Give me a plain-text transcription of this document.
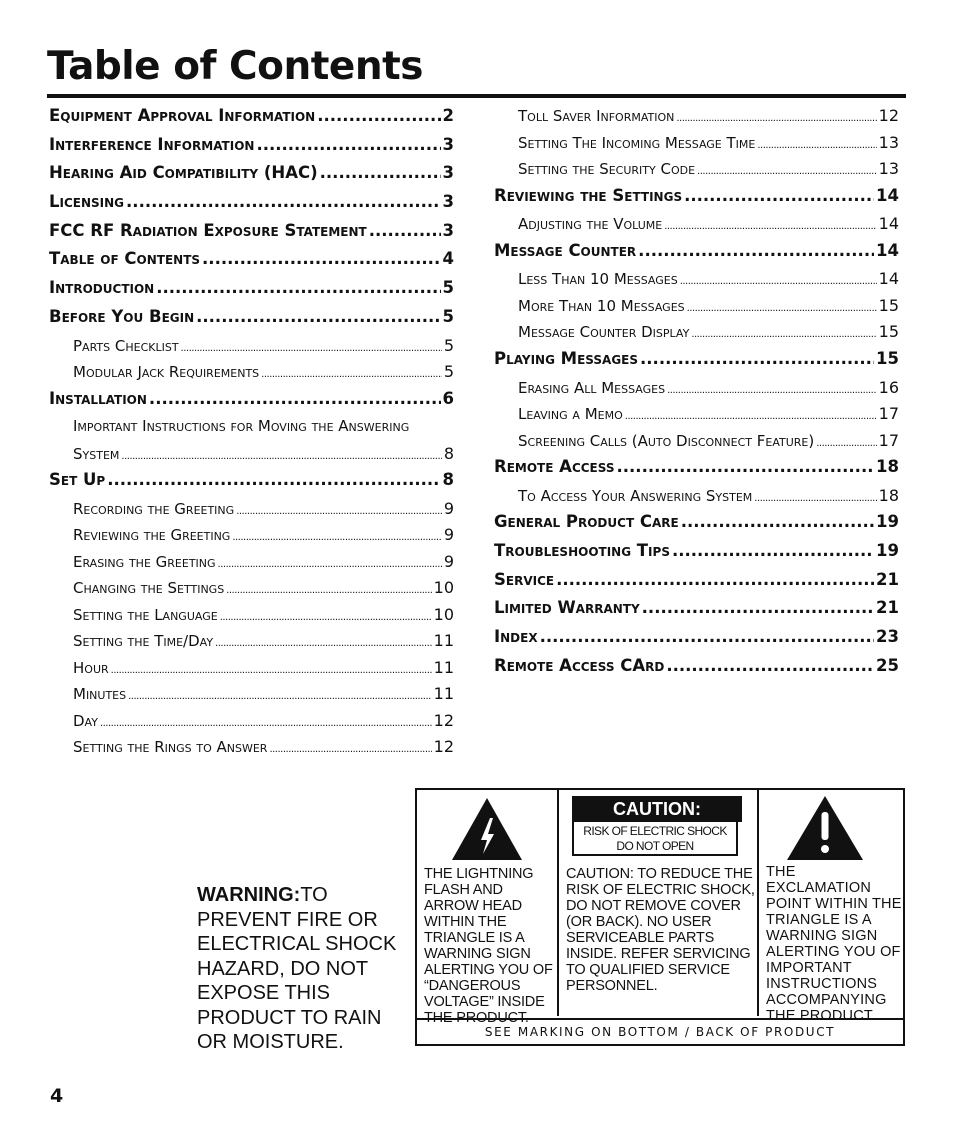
Table of Contents
Equipment Approval Information .....	2
Interference Information .....	3
Hearing Aid Compatibility (HAC) .....	3
Licensing .....	3
FCC RF Radiation Exposure Statement .....	3
Table of Contents .....	4
Introduction .....	5
Before You Begin .....	5
Parts Checklist .....	5
Modular Jack Requirements .....	5
Installation .....	6
Important Instructions for Moving the Answering
System .....	8
Set Up .....	8
Recording the Greeting .....	9
Reviewing the Greeting .....	9
Erasing the Greeting .....	9
Changing the Settings .....	10
Setting the Language .....	10
Setting the Time/Day .....	11
Hour .....	11
Minutes .....	11
Day .....	12
Setting the Rings to Answer .....	12
Toll Saver Information .....	12
Setting The Incoming Message Time .....	13
Setting the Security Code .....	13
Reviewing the Settings .....	14
Adjusting the Volume .....	14
Message Counter .....	14
Less Than 10 Messages .....	14
More Than 10 Messages .....	15
Message Counter Display .....	15
Playing Messages .....	15
Erasing All Messages .....	16
Leaving a Memo .....	17
Screening Calls (Auto Disconnect Feature) .....	17
Remote Access .....	18
To Access Your Answering System .....	18
General Product Care .....	19
Troubleshooting Tips .....	19
Service .....	21
Limited Warranty .....	21
Index .....	23
Remote Access CArd .....	25
WARNING:TO PREVENT FIRE OR ELECTRICAL SHOCK HAZARD, DO NOT EXPOSE THIS PRODUCT TO RAIN OR MOISTURE.
THE LIGHTNING FLASH AND ARROW HEAD WITHIN THE TRIANGLE IS A WARNING SIGN ALERTING YOU OF “DANGEROUS VOLTAGE” INSIDE THE PRODUCT.
CAUTION:
RISK OF ELECTRIC SHOCK DO NOT OPEN
CAUTION: TO REDUCE THE RISK OF ELECTRIC SHOCK, DO NOT REMOVE COVER (OR BACK). NO USER SERVICEABLE PARTS INSIDE. REFER SERVICING TO QUALIFIED SERVICE PERSONNEL.
THE EXCLAMATION POINT WITHIN THE TRIANGLE IS A WARNING SIGN ALERTING YOU OF IMPORTANT INSTRUCTIONS ACCOMPANYING THE PRODUCT.
SEE MARKING ON BOTTOM / BACK OF PRODUCT
4
